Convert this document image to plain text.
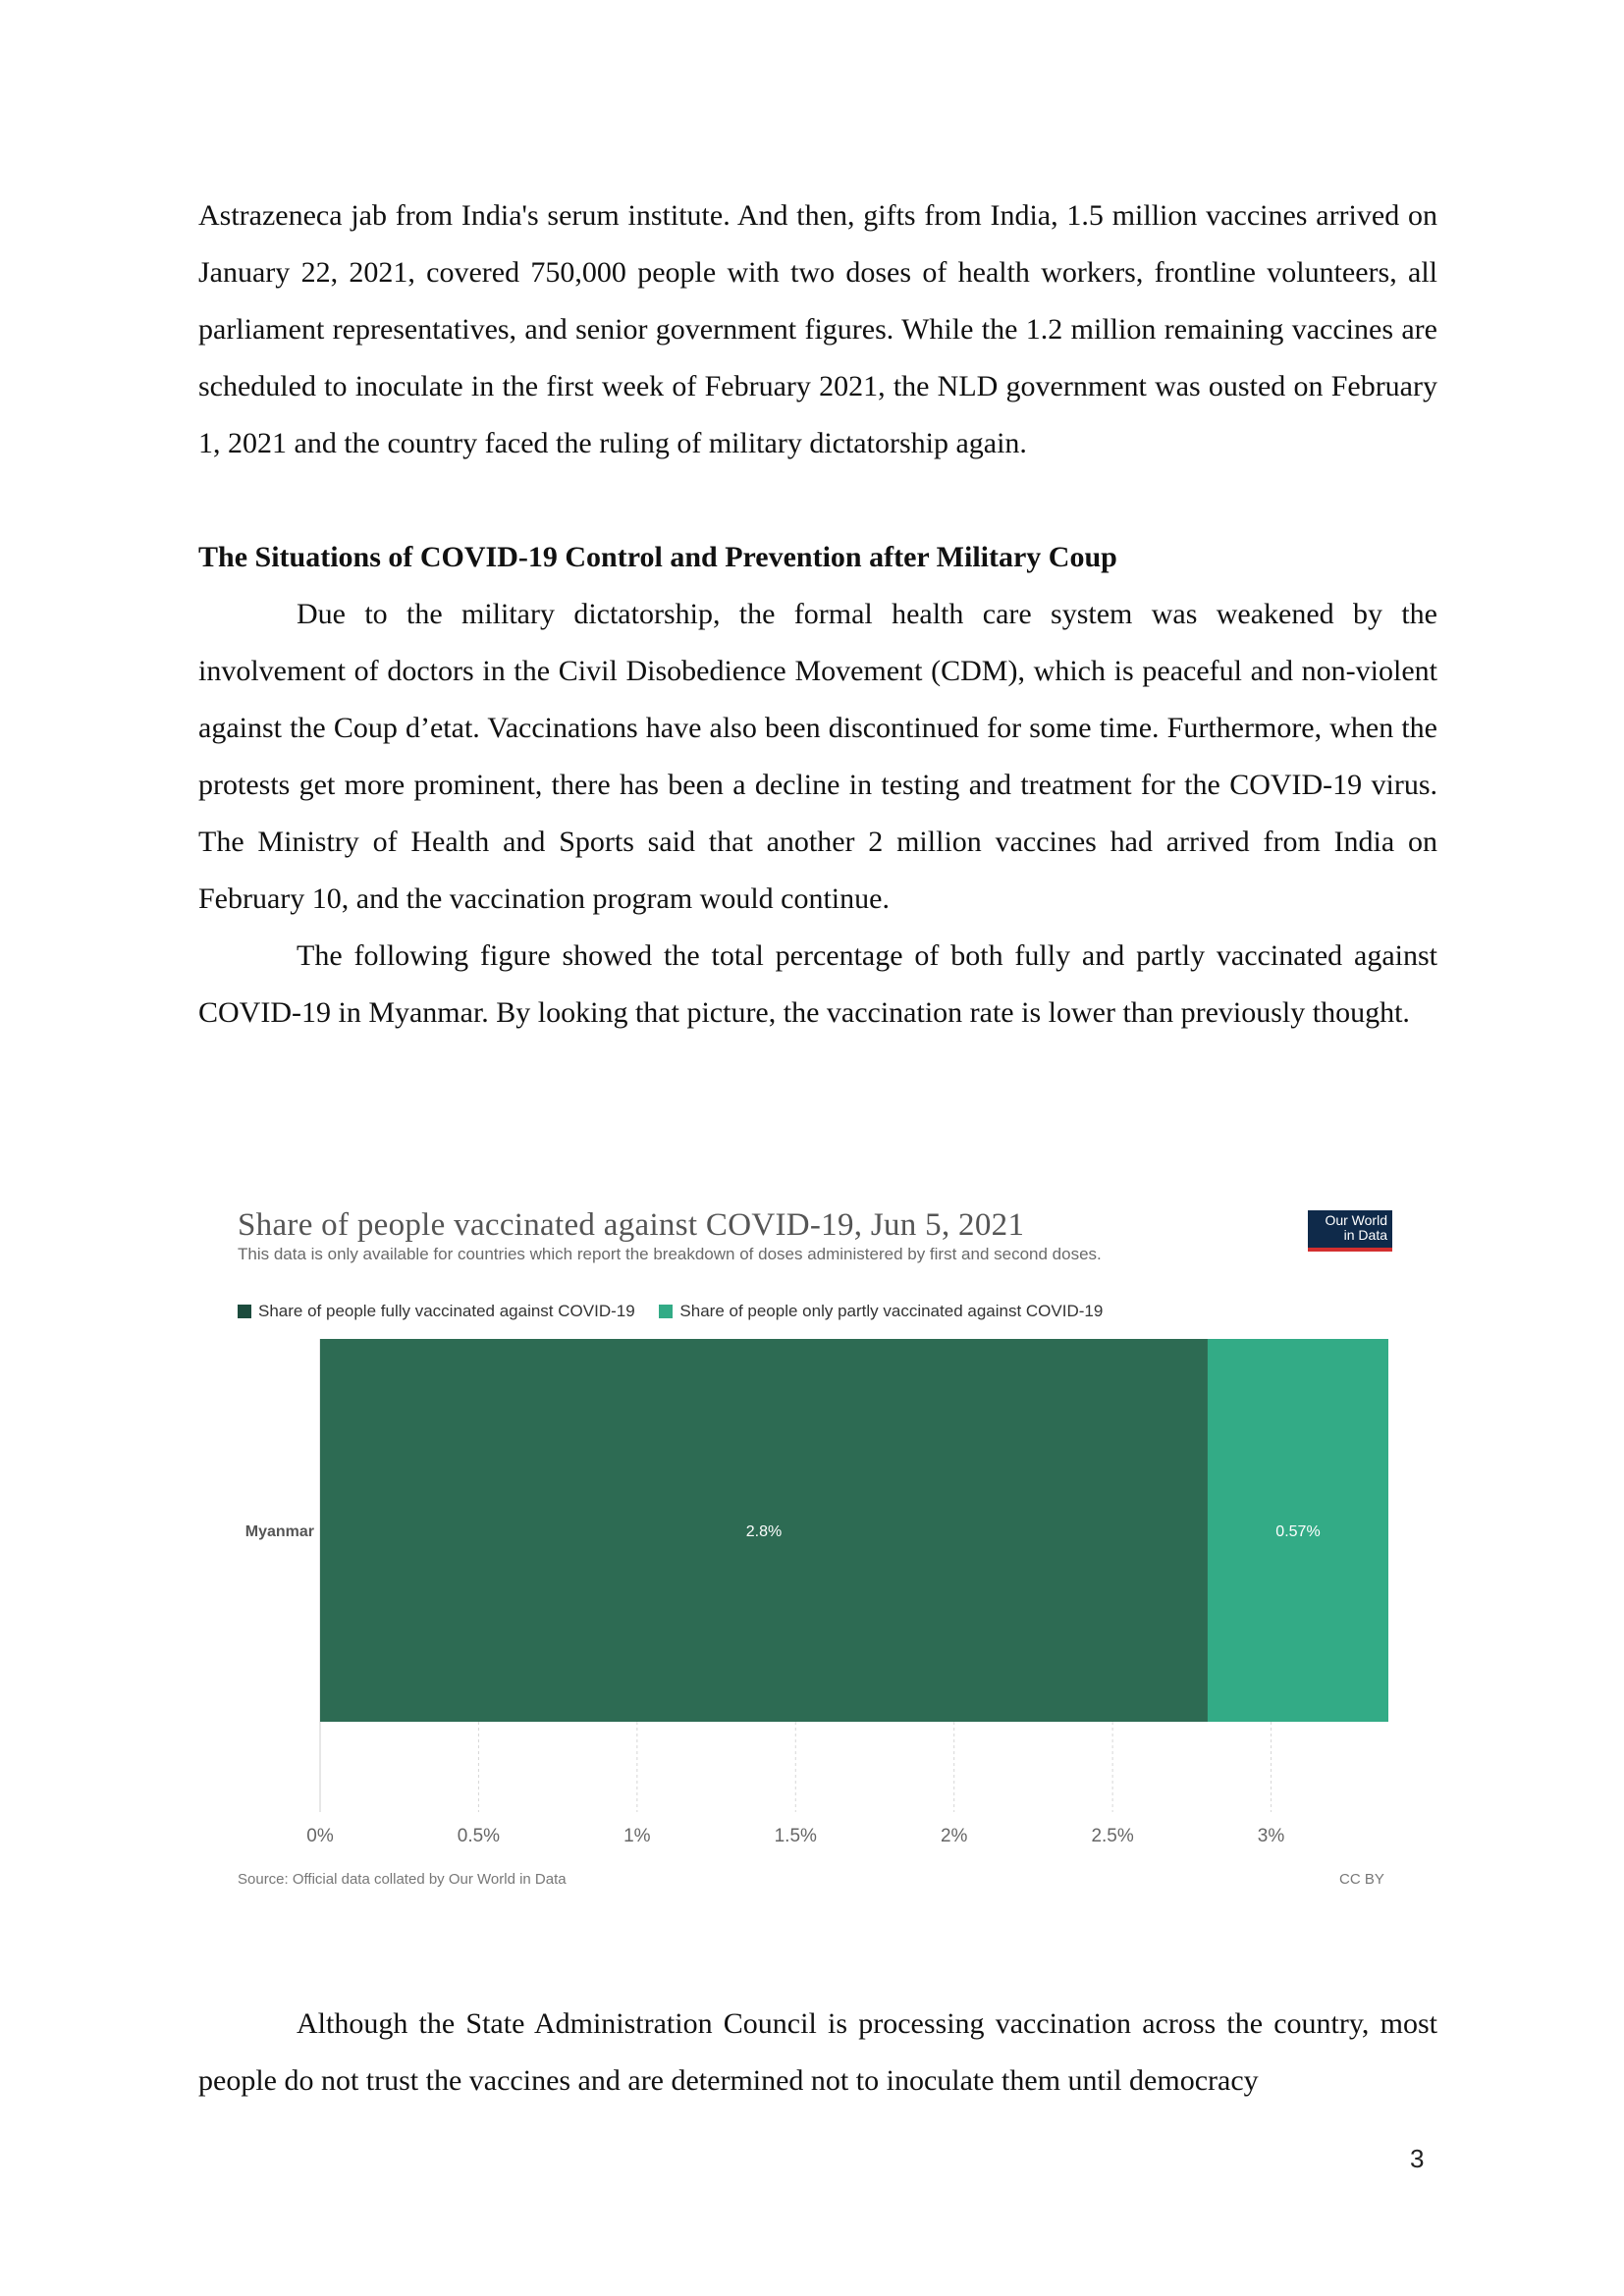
Astrazeneca jab from India's serum institute. And then, gifts from India, 1.5 million vaccines arrived on January 22, 2021, covered 750,000 people with two doses of health workers, frontline volunteers, all parliament representatives, and senior government figures. While the 1.2 million remaining vaccines are scheduled to inoculate in the first week of February 2021, the NLD government was ousted on February 1, 2021 and the country faced the ruling of military dictatorship again.

The Situations of COVID-19 Control and Prevention after Military Coup

Due to the military dictatorship, the formal health care system was weakened by the involvement of doctors in the Civil Disobedience Movement (CDM), which is peaceful and non-violent against the Coup d’etat. Vaccinations have also been discontinued for some time. Furthermore, when the protests get more prominent, there has been a decline in testing and treatment for the COVID-19 virus. The Ministry of Health and Sports said that another 2 million vaccines had arrived from India on February 10, and the vaccination program would continue.

The following figure showed the total percentage of both fully and partly vaccinated against COVID-19 in Myanmar. By looking that picture, the vaccination rate is lower than previously thought.

Share of people vaccinated against COVID-19, Jun 5, 2021
This data is only available for countries which report the breakdown of doses administered by first and second doses.
Our World
in Data
Share of people fully vaccinated against COVID-19
	Share of people only partly vaccinated against COVID-19
0%	0.5%	1%	1.5%	2%	2.5%	3%
Myanmar	2.8%	0.57%
Source: Official data collated by Our World in Data	CC BY

Although the State Administration Council is processing vaccination across the country, most people do not trust the vaccines and are determined not to inoculate them until democracy

3
